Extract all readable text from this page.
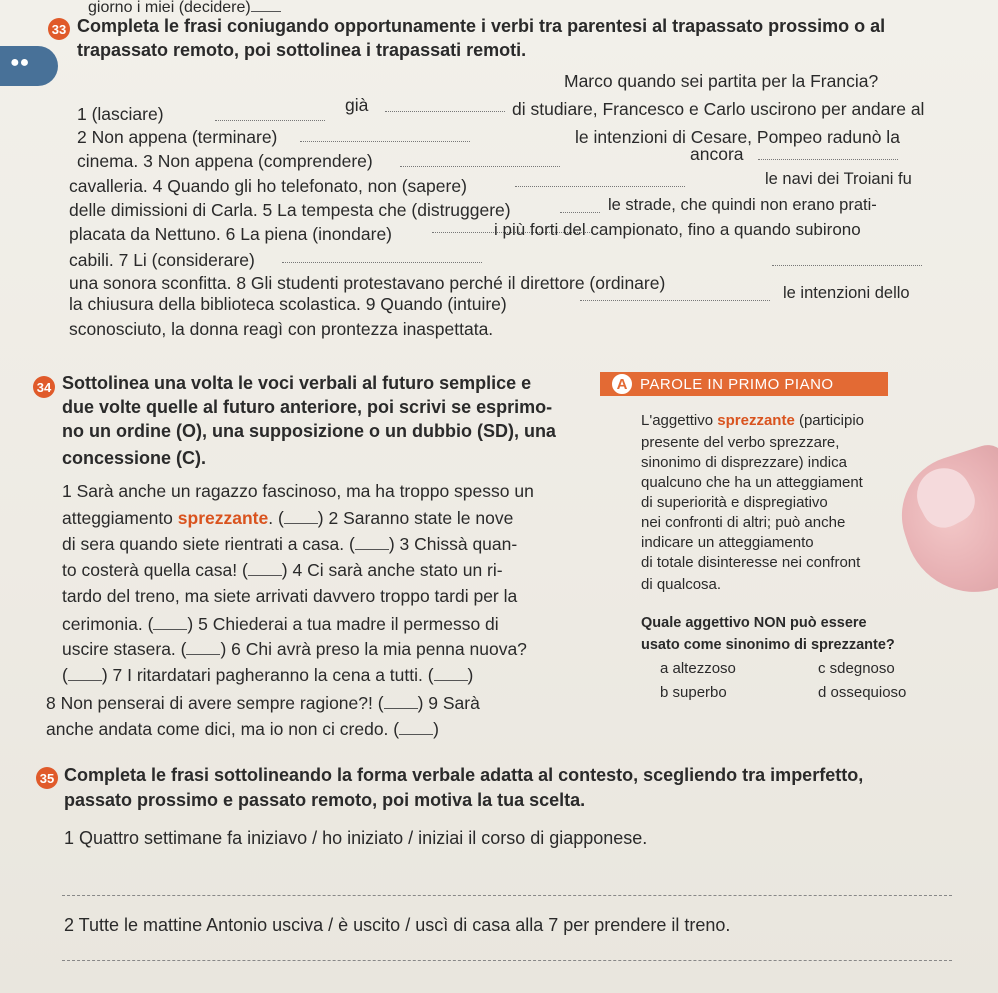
●●
giorno i miei (decidere)
33 Completa le frasi coniugando opportunamente i verbi tra parentesi al trapassato prossimo o al
trapassato remoto, poi sottolinea i trapassati remoti.
Marco quando sei partita per la Francia?
1 (lasciare)	già	di studiare, Francesco e Carlo uscirono per andare al
2 Non appena (terminare)	le intenzioni di Cesare, Pompeo radunò la
cinema. 3 Non appena (comprendere)	ancora
cavalleria. 4 Quando gli ho telefonato, non (sapere)	le navi dei Troiani fu
delle dimissioni di Carla. 5 La tempesta che (distruggere)	le strade, che quindi non erano prati-
placata da Nettuno. 6 La piena (inondare)	i più forti del campionato, fino a quando subirono
cabili. 7 Li (considerare)
una sonora sconfitta. 8 Gli studenti protestavano perché il direttore (ordinare)	le intenzioni dello
la chiusura della biblioteca scolastica. 9 Quando (intuire)
sconosciuto, la donna reagì con prontezza inaspettata.
34 Sottolinea una volta le voci verbali al futuro semplice e
due volte quelle al futuro anteriore, poi scrivi se esprimo-
no un ordine (O), una supposizione o un dubbio (SD), una
concessione (C).
1 Sarà anche un ragazzo fascinoso, ma ha troppo spesso un
atteggiamento sprezzante. ( ) 2 Saranno state le nove
di sera quando siete rientrati a casa. ( ) 3 Chissà quan-
to costerà quella casa! ( ) 4 Ci sarà anche stato un ri-
tardo del treno, ma siete arrivati davvero troppo tardi per la
cerimonia. ( ) 5 Chiederai a tua madre il permesso di
uscire stasera. ( ) 6 Chi avrà preso la mia penna nuova?
( ) 7 I ritardatari pagheranno la cena a tutti. ( )
8 Non penserai di avere sempre ragione?! ( ) 9 Sarà
anche andata come dici, ma io non ci credo. ( )
PAROLE IN PRIMO PIANO
A
L'aggettivo sprezzante (participio
presente del verbo sprezzare,
sinonimo di disprezzare) indica
qualcuno che ha un atteggiament
di superiorità e dispregiativo
nei confronti di altri; può anche
indicare un atteggiamento
di totale disinteresse nei confront
di qualcosa.
Quale aggettivo NON può essere
usato come sinonimo di sprezzante?
a altezzoso	c sdegnoso
b superbo	d ossequioso
35 Completa le frasi sottolineando la forma verbale adatta al contesto, scegliendo tra imperfetto,
passato prossimo e passato remoto, poi motiva la tua scelta.
1 Quattro settimane fa iniziavo / ho iniziato / iniziai il corso di giapponese.
2 Tutte le mattine Antonio usciva / è uscito / uscì di casa alla 7 per prendere il treno.
